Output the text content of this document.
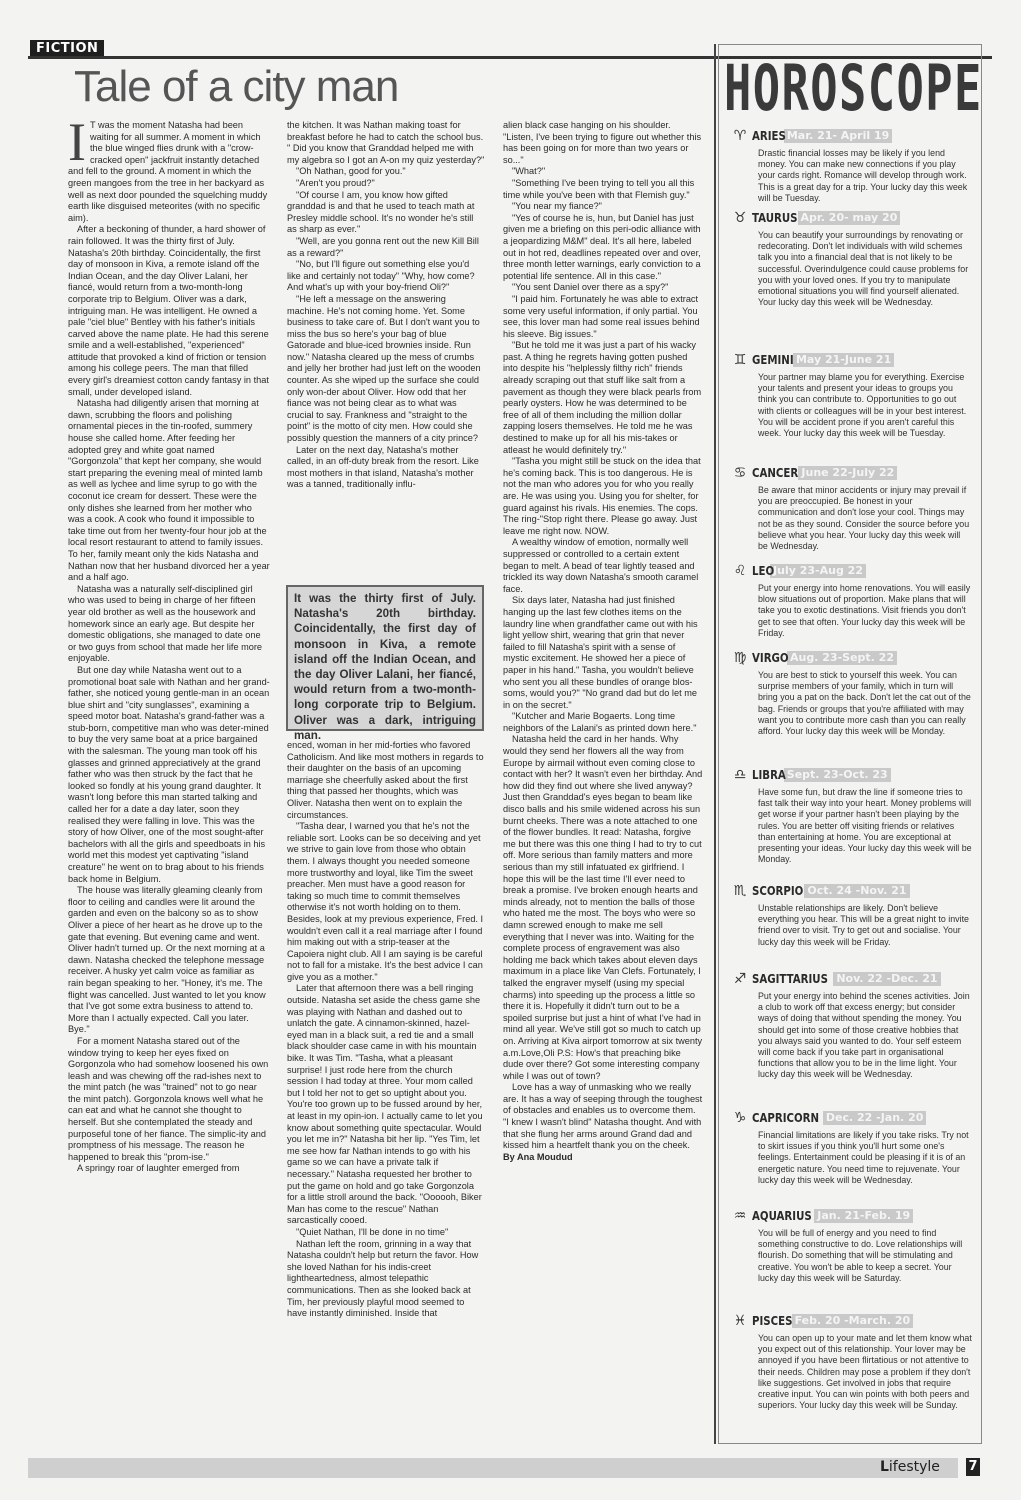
FICTION
Tale of a city man
I T was the moment Natasha had been waiting for all summer. A moment in which the blue winged flies drunk with a "crow-cracked open" jackfruit instantly detached and fell to the ground. A moment in which the green mangoes from the tree in her backyard as well as next door pounded the squelching muddy earth like disguised meteorites (with no specific aim).

After a beckoning of thunder, a hard shower of rain followed. It was the thirty first of July. Natasha's 20th birthday. Coincidentally, the first day of monsoon in Kiva, a remote island off the Indian Ocean, and the day Oliver Lalani, her fiancé, would return from a two-month-long corporate trip to Belgium. Oliver was a dark, intriguing man. He was intelligent. He owned a pale "ciel blue" Bentley with his father's initials carved above the name plate. He had this serene smile and a well-established, "experienced" attitude that provoked a kind of friction or tension among his college peers. The man that filled every girl's dreamiest cotton candy fantasy in that small, under developed island.

Natasha had diligently arisen that morning at dawn, scrubbing the floors and polishing ornamental pieces in the tin-roofed, summery house she called home. After feeding her adopted grey and white goat named "Gorgonzola" that kept her company, she would start preparing the evening meal of minted lamb as well as lychee and lime syrup to go with the coconut ice cream for dessert. These were the only dishes she learned from her mother who was a cook. A cook who found it impossible to take time out from her twenty-four hour job at the local resort restaurant to attend to family issues. To her, family meant only the kids Natasha and Nathan now that her husband divorced her a year and a half ago.

Natasha was a naturally self-disciplined girl who was used to being in charge of her fifteen year old brother as well as the housework and homework since an early age. But despite her domestic obligations, she managed to date one or two guys from school that made her life more enjoyable.

But one day while Natasha went out to a promotional boat sale with Nathan and her grand-father, she noticed young gentle-man in an ocean blue shirt and "city sunglasses", examining a speed motor boat. Natasha's grand-father was a stub-born, competitive man who was deter-mined to buy the very same boat at a price bargained with the salesman. The young man took off his glasses and grinned appreciatively at the grand father who was then struck by the fact that he looked so fondly at his young grand daughter. It wasn't long before this man started talking and called her for a date a day later, soon they realised they were falling in love. This was the story of how Oliver, one of the most sought-after bachelors with all the girls and speedboats in his world met this modest yet captivating "island creature" he went on to brag about to his friends back home in Belgium.

The house was literally gleaming cleanly from floor to ceiling and candles were lit around the garden and even on the balcony so as to show Oliver a piece of her heart as he drove up to the gate that evening. But evening came and went. Oliver hadn't turned up. Or the next morning at a dawn. Natasha checked the telephone message receiver. A husky yet calm voice as familiar as rain began speaking to her. "Honey, it's me. The flight was cancelled. Just wanted to let you know that I've got some extra business to attend to. More than I actually expected. Call you later. Bye."

For a moment Natasha stared out of the window trying to keep her eyes fixed on Gorgonzola who had somehow loosened his own leash and was chewing off the rad-ishes next to the mint patch (he was "trained" not to go near the mint patch). Gorgonzola knows well what he can eat and what he cannot she thought to herself. But she contemplated the steady and purposeful tone of her fiance. The simplic-ity and promptness of his message. The reason he happened to break this "prom-ise."

A springy roar of laughter emerged from

the kitchen. It was Nathan making toast for breakfast before he had to catch the school bus. " Did you know that Granddad helped me with my algebra so I got an A-on my quiz yesterday?"

"Oh Nathan, good for you."

"Aren't you proud?"

"Of course I am, you know how gifted granddad is and that he used to teach math at Presley middle school. It's no wonder he's still as sharp as ever."

"Well, are you gonna rent out the new Kill Bill as a reward?"

"No, but I'll figure out something else you'd like and certainly not today" "Why, how come? And what's up with your boy-friend Oli?"

"He left a message on the answering machine. He's not coming home. Yet. Some business to take care of. But I don't want you to miss the bus so here's your bag of blue Gatorade and blue-iced brownies inside. Run now." Natasha cleared up the mess of crumbs and jelly her brother had just left on the wooden counter. As she wiped up the surface she could only won-der about Oliver. How odd that her fiance was not being clear as to what was crucial to say. Frankness and "straight to the point" is the motto of city men. How could she possibly question the manners of a city prince?

Later on the next day, Natasha's mother called, in an off-duty break from the resort. Like most mothers in that island, Natasha's mother was a tanned, traditionally influ-

It was the thirty first of July. Natasha's 20th birthday. Coincidentally, the first day of monsoon in Kiva, a remote island off the Indian Ocean, and the day Oliver Lalani, her fiancé, would return from a two-month-long corporate trip to Belgium. Oliver was a dark, intriguing man.

enced, woman in her mid-forties who favored Catholicism. And like most mothers in regards to their daughter on the basis of an upcoming marriage she cheerfully asked about the first thing that passed her thoughts, which was Oliver. Natasha then went on to explain the circumstances.

"Tasha dear, I warned you that he's not the reliable sort. Looks can be so deceiving and yet we strive to gain love from those who obtain them. I always thought you needed someone more trustworthy and loyal, like Tim the sweet preacher. Men must have a good reason for taking so much time to commit themselves otherwise it's not worth holding on to them. Besides, look at my previous experience, Fred. I wouldn't even call it a real marriage after I found him making out with a strip-teaser at the Capoiera night club. All I am saying is be careful not to fall for a mistake. It's the best advice I can give you as a mother."

Later that afternoon there was a bell ringing outside. Natasha set aside the chess game she was playing with Nathan and dashed out to unlatch the gate. A cinnamon-skinned, hazel-eyed man in a black suit, a red tie and a small black shoulder case came in with his mountain bike. It was Tim. "Tasha, what a pleasant surprise! I just rode here from the church session I had today at three. Your mom called but I told her not to get so uptight about you. You're too grown up to be fussed around by her, at least in my opin-ion. I actually came to let you know about something quite spectacular. Would you let me in?" Natasha bit her lip. "Yes Tim, let me see how far Nathan intends to go with his game so we can have a private talk if necessary." Natasha requested her brother to put the game on hold and go take Gorgonzola for a little stroll around the back. "Oooooh, Biker Man has come to the rescue" Nathan sarcastically cooed.

"Quiet Nathan, I'll be done in no time"

Nathan left the room, grinning in a way that Natasha couldn't help but return the favor. How she loved Nathan for his indis-creet lightheartedness, almost telepathic communications. Then as she looked back at Tim, her previously playful mood seemed to have instantly diminished. Inside that

alien black case hanging on his shoulder. "Listen, I've been trying to figure out whether this has been going on for more than two years or so..."

"What?"

"Something I've been trying to tell you all this time while you've been with that Flemish guy."

"You near my fiance?"

"Yes of course he is, hun, but Daniel has just given me a briefing on this peri-odic alliance with a jeopardizing M&M" deal. It's all here, labeled out in hot red, deadlines repeated over and over, three month letter warnings, early conviction to a potential life sentence. All in this case."

"You sent Daniel over there as a spy?"

"I paid him. Fortunately he was able to extract some very useful information, if only partial. You see, this lover man had some real issues behind his sleeve. Big issues."

"But he told me it was just a part of his wacky past. A thing he regrets having gotten pushed into despite his "helplessly filthy rich" friends already scraping out that stuff like salt from a pavement as though they were black pearls from pearly oysters. How he was determined to be free of all of them including the million dollar zapping losers themselves. He told me he was destined to make up for all his mis-takes or atleast he would definitely try."

"Tasha you might still be stuck on the idea that he's coming back. This is too dangerous. He is not the man who adores you for who you really are. He was using you. Using you for shelter, for guard against his rivals. His enemies. The cops. The ring-"Stop right there. Please go away. Just leave me right now. NOW.

A wealthy window of emotion, normally well suppressed or controlled to a certain extent began to melt. A bead of tear lightly teased and trickled its way down Natasha's smooth caramel face.

Six days later, Natasha had just finished hanging up the last few clothes items on the laundry line when grandfather came out with his light yellow shirt, wearing that grin that never failed to fill Natasha's spirit with a sense of mystic excitement. He showed her a piece of paper in his hand." Tasha, you wouldn't believe who sent you all these bundles of orange blos-soms, would you?" "No grand dad but do let me in on the secret."

"Kutcher and Marie Bogaerts. Long time neighbors of the Lalani's as printed down here."

Natasha held the card in her hands. Why would they send her flowers all the way from Europe by airmail without even coming close to contact with her? It wasn't even her birthday. And how did they find out where she lived anyway? Just then Granddad's eyes began to beam like disco balls and his smile widened across his sun burnt cheeks. There was a note attached to one of the flower bundles. It read: Natasha, forgive me but there was this one thing I had to try to cut off. More serious than family matters and more serious than my still infatuated ex girlfriend. I hope this will be the last time I'll ever need to break a promise. I've broken enough hearts and minds already, not to mention the balls of those who hated me the most. The boys who were so damn screwed enough to make me sell everything that I never was into. Waiting for the complete process of engravement was also holding me back which takes about eleven days maximum in a place like Van Clefs. Fortunately, I talked the engraver myself (using my special charms) into speeding up the process a little so there it is. Hopefully it didn't turn out to be a spoiled surprise but just a hint of what I've had in mind all year. We've still got so much to catch up on. Arriving at Kiva airport tomorrow at six twenty a.m.Love,Oli P.S: How's that preaching bike dude over there? Got some interesting company while I was out of town?

Love has a way of unmasking who we really are. It has a way of seeping through the toughest of obstacles and enables us to overcome them. "I knew I wasn't blind" Natasha thought. And with that she flung her arms around Grand dad and kissed him a heartfelt thank you on the cheek.

By Ana Moudud

HOROSCOPE
♈ ARIES Mar. 21- April 19
Drastic financial losses may be likely if you lend money. You can make new connections if you play your cards right. Romance will develop through work. This is a great day for a trip. Your lucky day this week will be Tuesday.
♉ TAURUS Apr. 20- may 20
You can beautify your surroundings by renovating or redecorating. Don't let individuals with wild schemes talk you into a financial deal that is not likely to be successful. Overindulgence could cause problems for you with your loved ones. If you try to manipulate emotional situations you will find yourself alienated. Your lucky day this week will be Wednesday.
♊ GEMINI May 21-June 21
Your partner may blame you for everything. Exercise your talents and present your ideas to groups you think you can contribute to. Opportunities to go out with clients or colleagues will be in your best interest. You will be accident prone if you aren't careful this week. Your lucky day this week will be Tuesday.
♋ CANCER June 22-July 22
Be aware that minor accidents or injury may prevail if you are preoccupied. Be honest in your communication and don't lose your cool. Things may not be as they sound. Consider the source before you believe what you hear. Your lucky day this week will be Wednesday.
♌ LEO
July 23-Aug 22
Put your energy into home renovations. You will easily blow situations out of proportion. Make plans that will take you to exotic destinations. Visit friends you don't get to see that often. Your lucky day this week will be Friday.
♍ VIRGO Aug. 23-Sept. 22
You are best to stick to yourself this week. You can surprise members of your family, which in turn will bring you a pat on the back. Don't let the cat out of the bag. Friends or groups that you're affiliated with may want you to contribute more cash than you can really afford. Your lucky day this week will be Monday.
♎ LIBRA Sept. 23-Oct. 23
Have some fun, but draw the line if someone tries to fast talk their way into your heart. Money problems will get worse if your partner hasn't been playing by the rules. You are better off visiting friends or relatives than entertaining at home. You are exceptional at presenting your ideas. Your lucky day this week will be Monday.
♏ SCORPIO Oct. 24 -Nov. 21
Unstable relationships are likely. Don't believe everything you hear. This will be a great night to invite friend over to visit. Try to get out and socialise. Your lucky day this week will be Friday.
♐ SAGITTARIUS Nov. 22 -Dec. 21
Put your energy into behind the scenes activities. Join a club to work off that excess energy; but consider ways of doing that without spending the money. You should get into some of those creative hobbies that you always said you wanted to do. Your self esteem will come back if you take part in organisational functions that allow you to be in the lime light. Your lucky day this week will be Wednesday.
♑ CAPRICORN Dec. 22 -Jan. 20
Financial limitations are likely if you take risks. Try not to skirt issues if you think you'll hurt some one's feelings. Entertainment could be pleasing if it is of an energetic nature. You need time to rejuvenate. Your lucky day this week will be Wednesday.
♒ AQUARIUS Jan. 21-Feb. 19
You will be full of energy and you need to find something constructive to do. Love relationships will flourish. Do something that will be stimulating and creative. You won't be able to keep a secret. Your lucky day this week will be Saturday.
♓ PISCES Feb. 20 -March. 20
You can open up to your mate and let them know what you expect out of this relationship. Your lover may be annoyed if you have been flirtatious or not attentive to their needs. Children may pose a problem if they don't like suggestions. Get involved in jobs that require creative input. You can win points with both peers and superiors. Your lucky day this week will be Sunday.
Lifestyle 7
